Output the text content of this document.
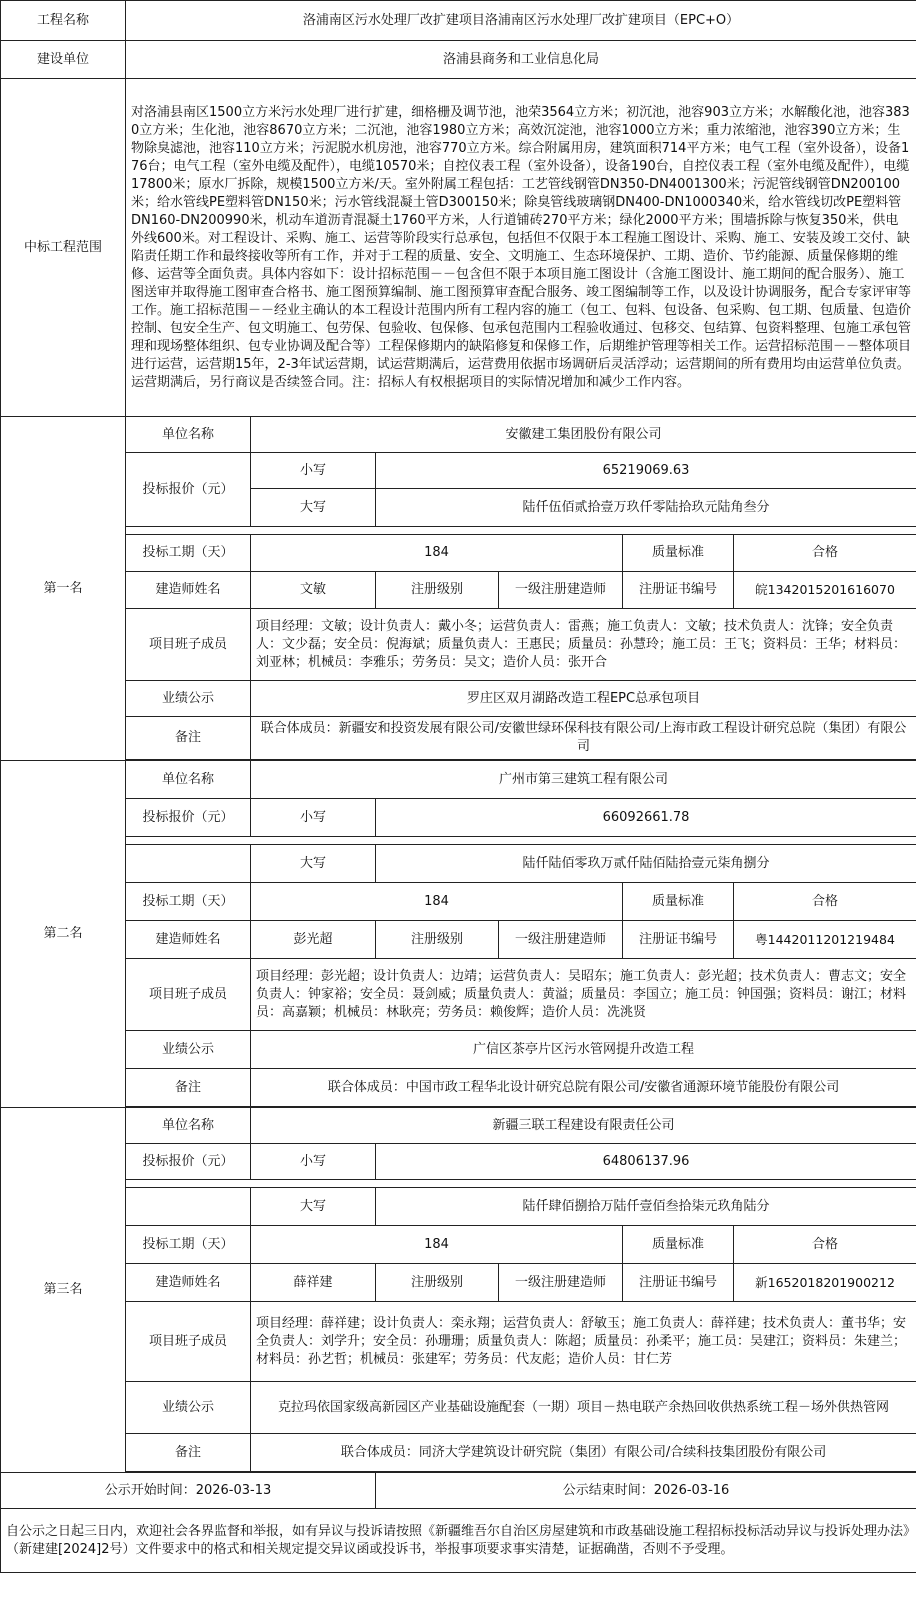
工程名称	洛浦南区污水处理厂改扩建项目洛浦南区污水处理厂改扩建项目（EPC+O）					
建设单位	洛浦县商务和工业信息化局					
中标工程范围	对洛浦县南区1500立方米污水处理厂进行扩建，细格栅及调节池，池荣3564立方米；初沉池，池容903立方米；水解酸化池，池容3830立方米；生化池，池容8670立方米；二沉池，池容1980立方米；高效沉淀池，池容1000立方米；重力浓缩池，池容390立方米；生物除臭滤池，池容110立方米；污泥脱水机房池，池容770立方米。综合附属用房，建筑面积714平方米；电气工程（室外设备），设备176台；电气工程（室外电缆及配件），电缆10570米；自控仪表工程（室外设备），设备190台，自控仪表工程（室外电缆及配件），电缆17800米；原水厂拆除，规模1500立方米/天。室外附属工程包括：工艺管线钢管DN350-DN4001300米；污泥管线钢管DN200100米；给水管线PE塑料管DN150米；污水管线混凝土管D300150米；除臭管线玻璃钢DN400-DN1000340米，给水管线切改PE塑料管DN160-DN200990米，机动车道沥青混凝土1760平方米，人行道铺砖270平方米；绿化2000平方米；围墙拆除与恢复350米，供电外线600米。对工程设计、采购、施工、运营等阶段实行总承包，包括但不仅限于本工程施工图设计、采购、施工、安装及竣工交付、缺陷责任期工作和最终接收等所有工作，并对于工程的质量、安全、文明施工、生态环境保护、工期、造价、节约能源、质量保修期的维修、运营等全面负责。具体内容如下：设计招标范围－－包含但不限于本项目施工图设计（含施工图设计、施工期间的配合服务）、施工图送审并取得施工图审查合格书、施工图预算编制、施工图预算审查配合服务、竣工图编制等工作，以及设计协调服务，配合专家评审等工作。施工招标范围－－经业主确认的本工程设计范围内所有工程内容的施工（包工、包料、包设备、包采购、包工期、包质量、包造价控制、包安全生产、包文明施工、包劳保、包验收、包保修、包承包范围内工程验收通过、包移交、包结算、包资料整理、包施工承包管理和现场整体组织、包专业协调及配合等）工程保修期内的缺陷修复和保修工作，后期维护管理等相关工作。运营招标范围－－整体项目进行运营，运营期15年，2-3年试运营期，试运营期满后，运营费用依据市场调研后灵活浮动；运营期间的所有费用均由运营单位负责。运营期满后，另行商议是否续签合同。注：招标人有权根据项目的实际情况增加和减少工作内容。					
第一名	单位名称	安徽建工集团股份有限公司				
	投标报价（元）	小写	65219069.63			
		大写	陆仟伍佰贰拾壹万玖仟零陆拾玖元陆角叁分			

	投标工期（天）	184			质量标准	合格
	建造师姓名	文敏	注册级别	一级注册建造师	注册证书编号	皖1342015201616070
	项目班子成员	项目经理：文敏；设计负责人：戴小冬；运营负责人：雷燕；施工负责人：文敏；技术负责人：沈锋；安全负责人：文少磊；安全员：倪海斌；质量负责人：王惠民；质量员：孙慧玲；施工员：王飞；资料员：王华；材料员：刘亚林；机械员：李雅乐；劳务员：吴文；造价人员：张开合				
	业绩公示	罗庄区双月湖路改造工程EPC总承包项目				
	备注	联合体成员：新疆安和投资发展有限公司/安徽世绿环保科技有限公司/上海市政工程设计研究总院（集团）有限公司				

第二名	单位名称	广州市第三建筑工程有限公司				
	投标报价（元）	小写	66092661.78			

		大写	陆仟陆佰零玖万贰仟陆佰陆拾壹元柒角捌分			
	投标工期（天）	184			质量标准	合格
	建造师姓名	彭光超	注册级别	一级注册建造师	注册证书编号	粤1442011201219484
	项目班子成员	项目经理：彭光超；设计负责人：边靖；运营负责人：吴昭东；施工负责人：彭光超；技术负责人：曹志文；安全负责人：钟家裕；安全员：聂剑威；质量负责人：黄溢；质量员：李国立；施工员：钟国强；资料员：谢江；材料员：高嘉颖；机械员：林耿亮；劳务员：赖俊辉；造价人员：冼洮贤				
	业绩公示	广信区茶亭片区污水管网提升改造工程				
	备注	联合体成员：中国市政工程华北设计研究总院有限公司/安徽省通源环境节能股份有限公司				

第三名	单位名称	新疆三联工程建设有限责任公司				
	投标报价（元）	小写	64806137.96			

		大写	陆仟肆佰捌拾万陆仟壹佰叁拾柒元玖角陆分			
	投标工期（天）	184			质量标准	合格
	建造师姓名	薛祥建	注册级别	一级注册建造师	注册证书编号	新1652018201900212
	项目班子成员	项目经理：薛祥建；设计负责人：栾永翔；运营负责人：舒敏玉；施工负责人：薛祥建；技术负责人：董书华；安全负责人：刘学升；安全员：孙珊珊；质量负责人：陈超；质量员：孙柔平；施工员：吴建江；资料员：朱建兰；材料员：孙艺哲；机械员：张建军；劳务员：代友彪；造价人员：甘仁芳				
	业绩公示	克拉玛依国家级高新园区产业基础设施配套（一期）项目－热电联产余热回收供热系统工程－场外供热管网				
	备注	联合体成员：同济大学建筑设计研究院（集团）有限公司/合续科技集团股份有限公司				

公示开始时间：2026-03-13			公示结束时间：2026-03-16			
自公示之日起三日内，欢迎社会各界监督和举报，如有异议与投诉请按照《新疆维吾尔自治区房屋建筑和市政基础设施工程招标投标活动异议与投诉处理办法》（新建建[2024]2号）文件要求中的格式和相关规定提交异议函或投诉书，举报事项要求事实清楚，证据确凿，否则不予受理。						
